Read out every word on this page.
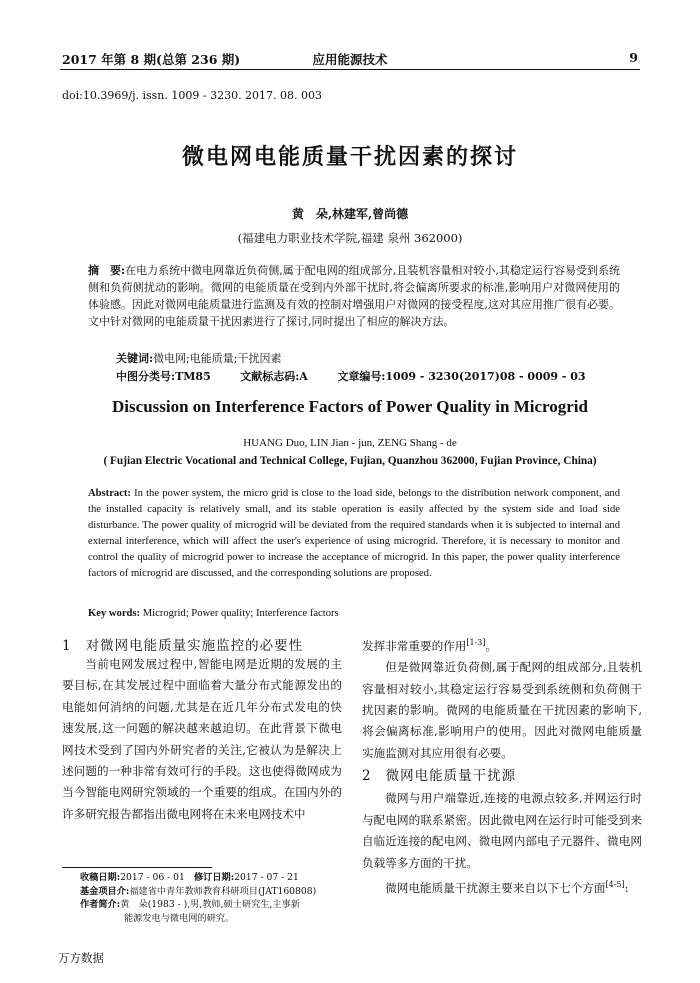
2017 年第 8 期(总第 236 期)	应用能源技术	9
doi:10.3969/j. issn. 1009 - 3230. 2017. 08. 003
微电网电能质量干扰因素的探讨
黄　朵,林建军,曾尚德
(福建电力职业技术学院,福建 泉州 362000)
摘　要:在电力系统中微电网靠近负荷侧,属于配电网的组成部分,且装机容量相对较小,其稳定运行容易受到系统侧和负荷侧扰动的影响。微网的电能质量在受到内外部干扰时,将会偏离所要求的标准,影响用户对微网使用的体验感。因此对微网电能质量进行监测及有效的控制对增强用户对微网的接受程度,这对其应用推广很有必要。文中针对微网的电能质量干扰因素进行了探讨,同时提出了相应的解决方法。
关键词:微电网;电能质量;干扰因素
中图分类号:TM85	文献标志码:A	文章编号:1009 - 3230(2017)08 - 0009 - 03
Discussion on Interference Factors of Power Quality in Microgrid
HUANG Duo, LIN Jian - jun, ZENG Shang - de
( Fujian Electric Vocational and Technical College, Fujian, Quanzhou 362000, Fujian Province, China)
Abstract: In the power system, the micro grid is close to the load side, belongs to the distribution network component, and the installed capacity is relatively small, and its stable operation is easily affected by the system side and load side disturbance. The power quality of microgrid will be deviated from the required standards when it is subjected to internal and external interference, which will affect the user's experience of using microgrid. Therefore, it is necessary to monitor and control the quality of microgrid power to increase the acceptance of microgrid. In this paper, the power quality interference factors of microgrid are discussed, and the corresponding solutions are proposed.
Key words: Microgrid; Power quality; Interference factors
1 对微网电能质量实施监控的必要性

当前电网发展过程中,智能电网是近期的发展的主要目标,在其发展过程中面临着大量分布式能源发出的电能如何消纳的问题,尤其是在近几年分布式发电的快速发展,这一问题的解决越来越迫切。在此背景下微电网技术受到了国内外研究者的关注,它被认为是解决上述问题的一种非常有效可行的手段。这也使得微网成为当今智能电网研究领域的一个重要的组成。在国内外的许多研究报告都指出微电网将在未来电网技术中

发挥非常重要的作用[1-3]。

但是微网靠近负荷侧,属于配网的组成部分,且装机容量相对较小,其稳定运行容易受到系统侧和负荷侧干扰因素的影响。微网的电能质量在干扰因素的影响下,将会偏离标准,影响用户的使用。因此对微网电能质量实施监测对其应用很有必要。

2 微网电能质量干扰源

微网与用户端靠近,连接的电源点较多,并网运行时与配电网的联系紧密。因此微电网在运行时可能受到来自临近连接的配电网、微电网内部电子元器件、微电网负载等多方面的干扰。

微网电能质量干扰源主要来自以下七个方面[4-5]:

收稿日期:2017 - 06 - 01　 修订日期:2017 - 07 - 21
基金项目介:福建省中青年教师教育科研项目(JAT160808)
作者简介:黄　朵(1983 - ),男,教师,硕士研究生,主事新
能源发电与微电网的研究。
万方数据
